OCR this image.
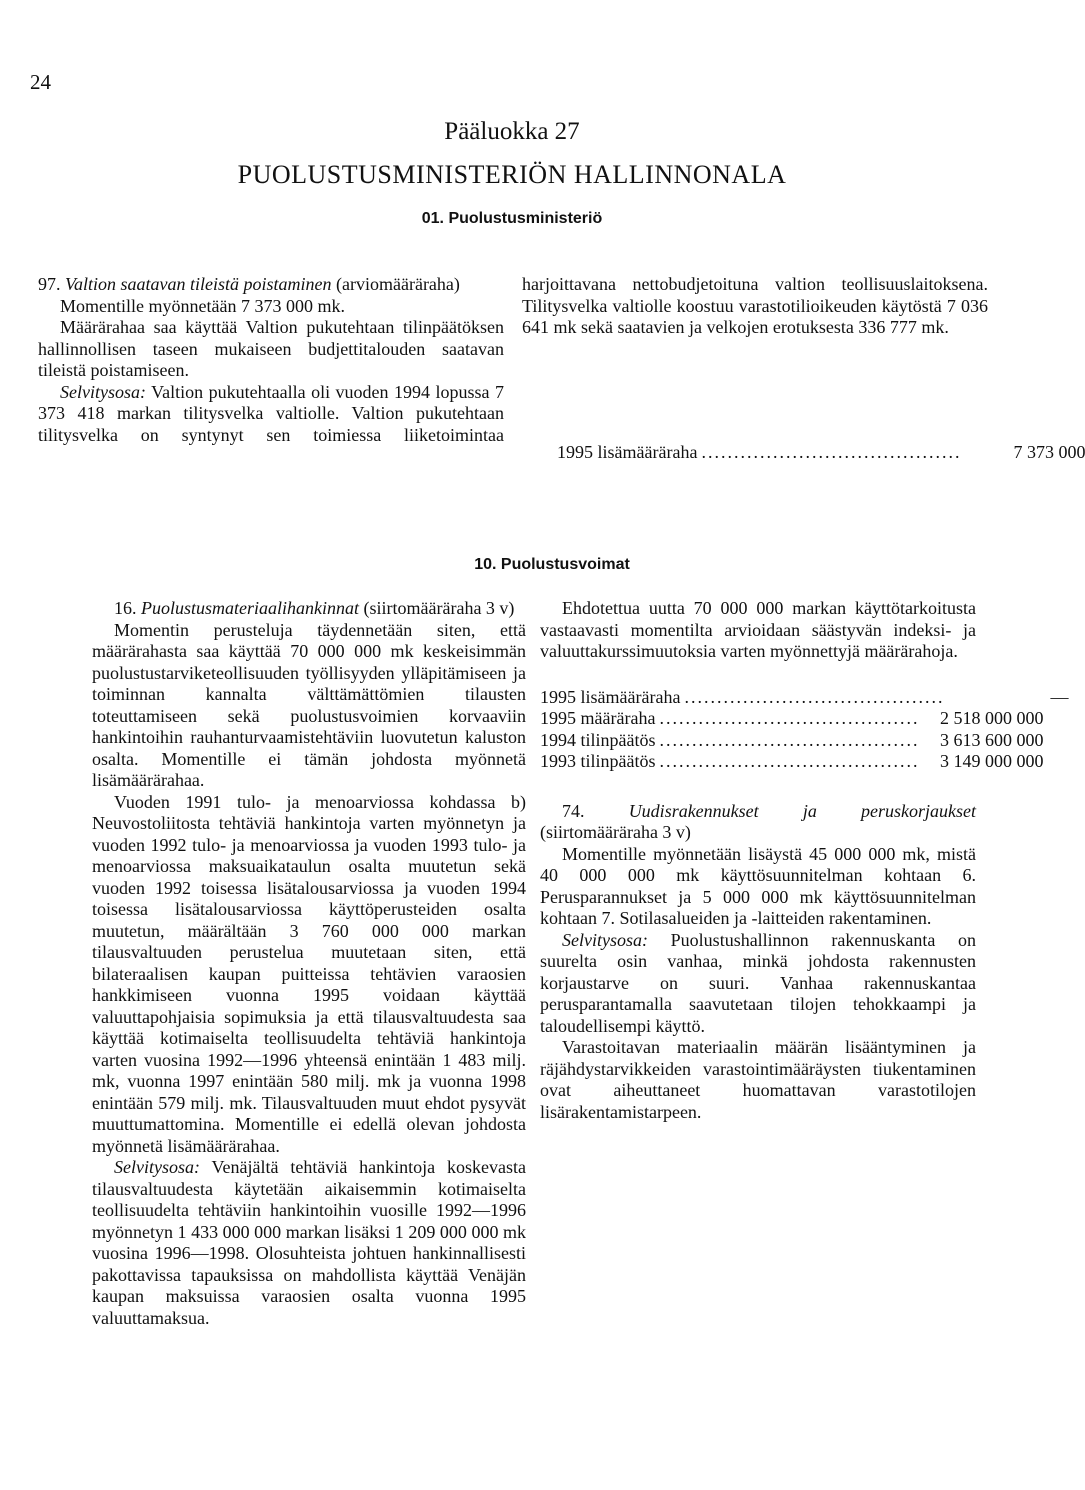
24
Pääluokka 27
PUOLUSTUSMINISTERIÖN HALLINNONALA
01. Puolustusministeriö

97. Valtion saatavan tileistä poistaminen (arviomääräraha)

Momentille myönnetään 7 373 000 mk.

Määrärahaa saa käyttää Valtion pukutehtaan tilinpäätöksen hallinnollisen taseen mukaiseen budjettitalouden saatavan tileistä poistamiseen.

Selvitysosa: Valtion pukutehtaalla oli vuoden 1994 lopussa 7 373 418 markan tilitysvelka valtiolle. Valtion pukutehtaan tilitysvelka on syntynyt sen toimiessa liiketoimintaa harjoittavana nettobudjetoituna valtion teollisuuslaitoksena. Tilitysvelka valtiolle koostuu varastotilioikeuden käytöstä 7 036 641 mk sekä saatavien ja velkojen erotuksesta 336 777 mk.

1995 lisämääräraha ........................................	7 373 000
10. Puolustusvoimat

16. Puolustusmateriaalihankinnat (siirtomääräraha 3 v)

Momentin perusteluja täydennetään siten, että määrärahasta saa käyttää 70 000 000 mk keskeisimmän puolustustarviketeollisuuden työllisyyden ylläpitämiseen ja toiminnan kannalta välttämättömien tilausten toteuttamiseen sekä puolustusvoimien korvaaviin hankintoihin rauhanturvaamistehtäviin luovutetun kaluston osalta. Momentille ei tämän johdosta myönnetä lisämäärärahaa.

Vuoden 1991 tulo- ja menoarviossa kohdassa b) Neuvostoliitosta tehtäviä hankintoja varten myönnetyn ja vuoden 1992 tulo- ja menoarviossa ja vuoden 1993 tulo- ja menoarviossa maksuaikataulun osalta muutetun sekä vuoden 1992 toisessa lisätalousarviossa ja vuoden 1994 toisessa lisätalousarviossa käyttöperusteiden osalta muutetun, määrältään 3 760 000 000 markan tilausvaltuuden perustelua muutetaan siten, että bilateraalisen kaupan puitteissa tehtävien varaosien hankkimiseen vuonna 1995 voidaan käyttää valuuttapohjaisia sopimuksia ja että tilausvaltuudesta saa käyttää kotimaiselta teollisuudelta tehtäviä hankintoja varten vuosina 1992—1996 yhteensä enintään 1 483 milj. mk, vuonna 1997 enintään 580 milj. mk ja vuonna 1998 enintään 579 milj. mk. Tilausvaltuuden muut ehdot pysyvät muuttumattomina. Momentille ei edellä olevan johdosta myönnetä lisämäärärahaa.

Selvitysosa: Venäjältä tehtäviä hankintoja koskevasta tilausvaltuudesta käytetään aikaisemmin kotimaiselta teollisuudelta tehtäviin hankintoihin vuosille 1992—1996 myönnetyn 1 433 000 000 markan lisäksi 1 209 000 000 mk vuosina 1996—1998. Olosuhteista johtuen hankinnallisesti pakottavissa tapauksissa on mahdollista käyttää Venäjän kaupan maksuissa varaosien osalta vuonna 1995 valuuttamaksua.

Ehdotettua uutta 70 000 000 markan käyttötarkoitusta vastaavasti momentilta arvioidaan säästyvän indeksi- ja valuuttakurssimuutoksia varten myönnettyjä määrärahoja.

1995 lisämääräraha ........................................	—
1995 määräraha ........................................	2 518 000 000
1994 tilinpäätös ........................................	3 613 600 000
1993 tilinpäätös ........................................	3 149 000 000

74. Uudisrakennukset ja peruskorjaukset (siirtomääräraha 3 v)

Momentille myönnetään lisäystä 45 000 000 mk, mistä 40 000 000 mk käyttösuunnitelman kohtaan 6. Perusparannukset ja 5 000 000 mk käyttösuunnitelman kohtaan 7. Sotilasalueiden ja -laitteiden rakentaminen.

Selvitysosa: Puolustushallinnon rakennuskanta on suurelta osin vanhaa, minkä johdosta rakennusten korjaustarve on suuri. Vanhaa rakennuskantaa perusparantamalla saavutetaan tilojen tehokkaampi ja taloudellisempi käyttö.

Varastoitavan materiaalin määrän lisääntyminen ja räjähdystarvikkeiden varastointimääräysten tiukentaminen ovat aiheuttaneet huomattavan varastotilojen lisärakentamistarpeen.
